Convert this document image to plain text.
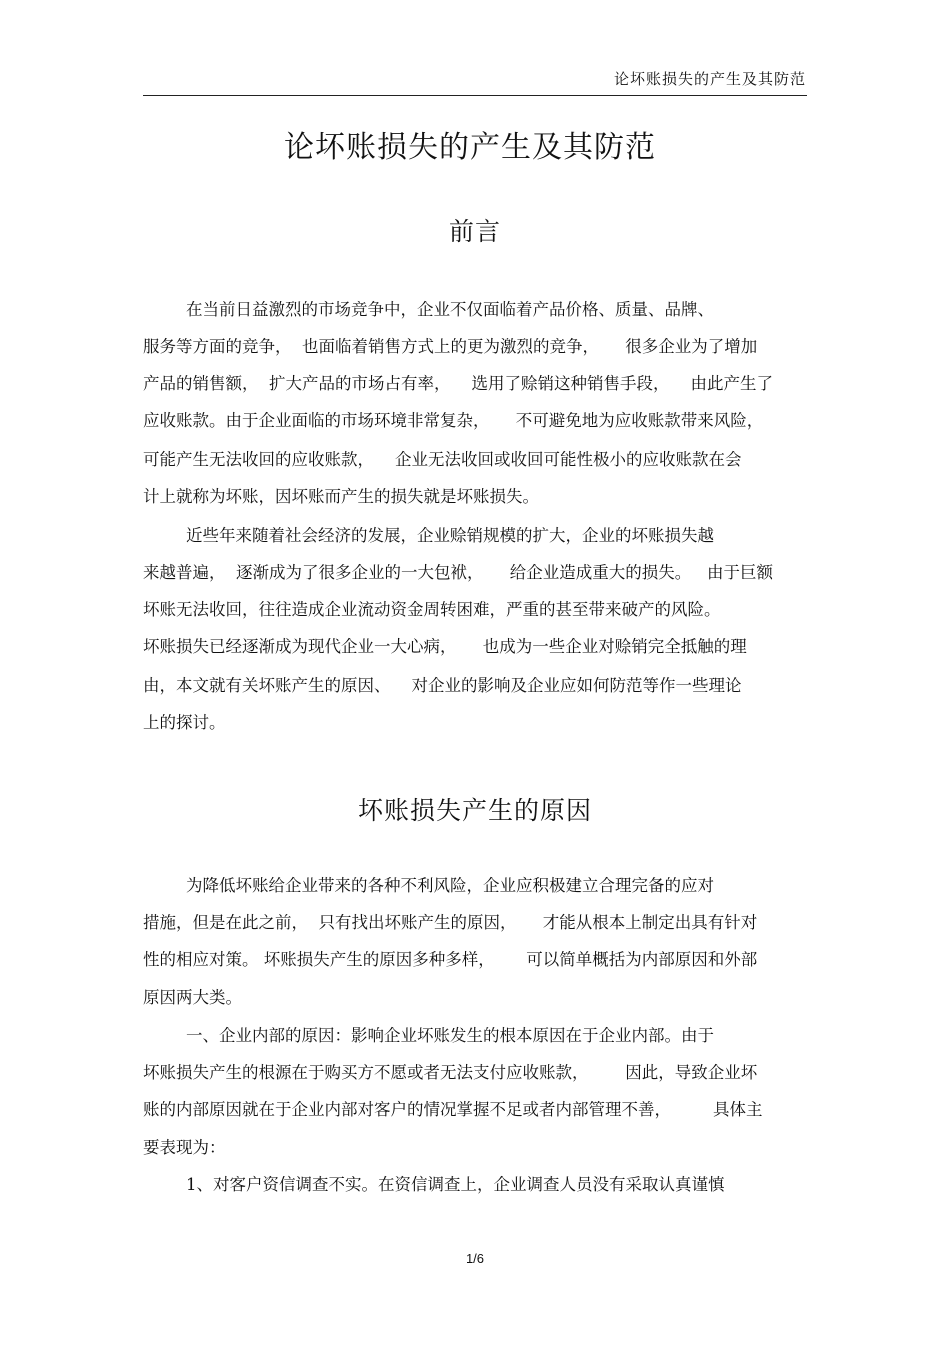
论坏账损失的产生及其防范
论坏账损失的产生及其防范
前言
在当前日益激烈的市场竞争中，企业不仅面临着产品价格、质量、品牌、
服务等方面的竞争，  也面临着销售方式上的更为激烈的竞争，     很多企业为了增加
产品的销售额，  扩大产品的市场占有率，    选用了赊销这种销售手段，    由此产生了
应收账款。由于企业面临的市场环境非常复杂，     不可避免地为应收账款带来风险，
可能产生无法收回的应收账款，    企业无法收回或收回可能性极小的应收账款在会
计上就称为坏账，因坏账而产生的损失就是坏账损失。
近些年来随着社会经济的发展，企业赊销规模的扩大，企业的坏账损失越
来越普遍，  逐渐成为了很多企业的一大包袱，     给企业造成重大的损失。   由于巨额
坏账无法收回，往往造成企业流动资金周转困难，严重的甚至带来破产的风险。
坏账损失已经逐渐成为现代企业一大心病，     也成为一些企业对赊销完全抵触的理
由，本文就有关坏账产生的原因、    对企业的影响及企业应如何防范等作一些理论
上的探讨。
坏账损失产生的原因
为降低坏账给企业带来的各种不利风险，企业应积极建立合理完备的应对
措施，但是在此之前，  只有找出坏账产生的原因，     才能从根本上制定出具有针对
性的相应对策。 坏账损失产生的原因多种多样，      可以简单概括为内部原因和外部
原因两大类。
一、企业内部的原因：影响企业坏账发生的根本原因在于企业内部。由于
坏账损失产生的根源在于购买方不愿或者无法支付应收账款，       因此，导致企业坏
账的内部原因就在于企业内部对客户的情况掌握不足或者内部管理不善，        具体主
要表现为：
1、对客户资信调查不实。在资信调查上，企业调查人员没有采取认真谨慎
1/6
